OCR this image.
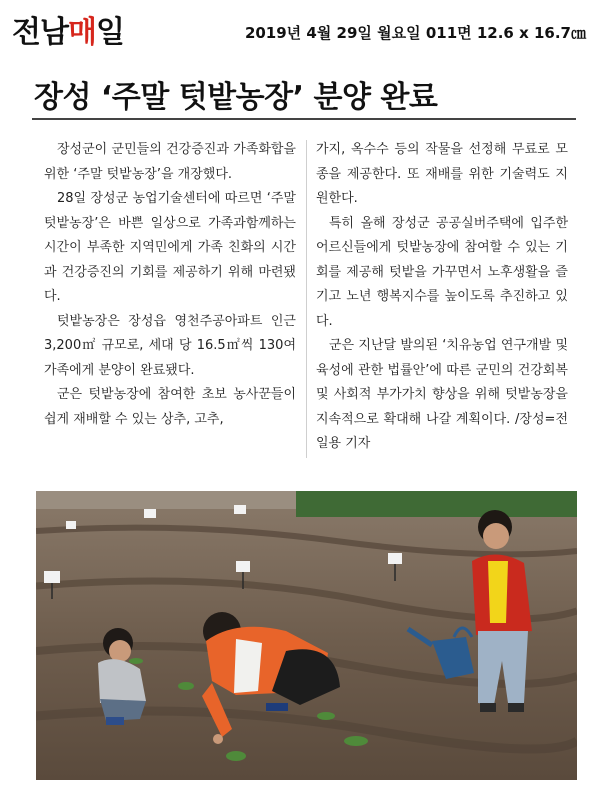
전남매일	2019년 4월 29일 월요일 011면 12.6 x 16.7㎝
장성 ‘주말 텃밭농장’ 분양 완료

장성군이 군민들의 건강증진과 가족화합을 위한 ‘주말 텃밭농장’을 개장했다.

28일 장성군 농업기술센터에 따르면 ‘주말 텃밭농장’은 바쁜 일상으로 가족과함께하는 시간이 부족한 지역민에게 가족 친화의 시간과 건강증진의 기회를 제공하기 위해 마련됐다.

텃밭농장은 장성읍 영천주공아파트 인근 3,200㎡ 규모로, 세대 당 16.5㎡씩 130여 가족에게 분양이 완료됐다.

군은 텃밭농장에 참여한 초보 농사꾼들이 쉽게 재배할 수 있는 상추, 고추,

가지, 옥수수 등의 작물을 선정해 무료로 모종을 제공한다. 또 재배를 위한 기술력도 지원한다.

특히 올해 장성군 공공실버주택에 입주한 어르신들에게 텃밭농장에 참여할 수 있는 기회를 제공해 텃밭을 가꾸면서 노후생활을 즐기고 노년 행복지수를 높이도록 추진하고 있다.

군은 지난달 발의된 ‘치유농업 연구개발 및 육성에 관한 법률안’에 따른 군민의 건강회복 및 사회적 부가가치 향상을 위해 텃밭농장을 지속적으로 확대해 나갈 계획이다. /장성=전일용 기자
